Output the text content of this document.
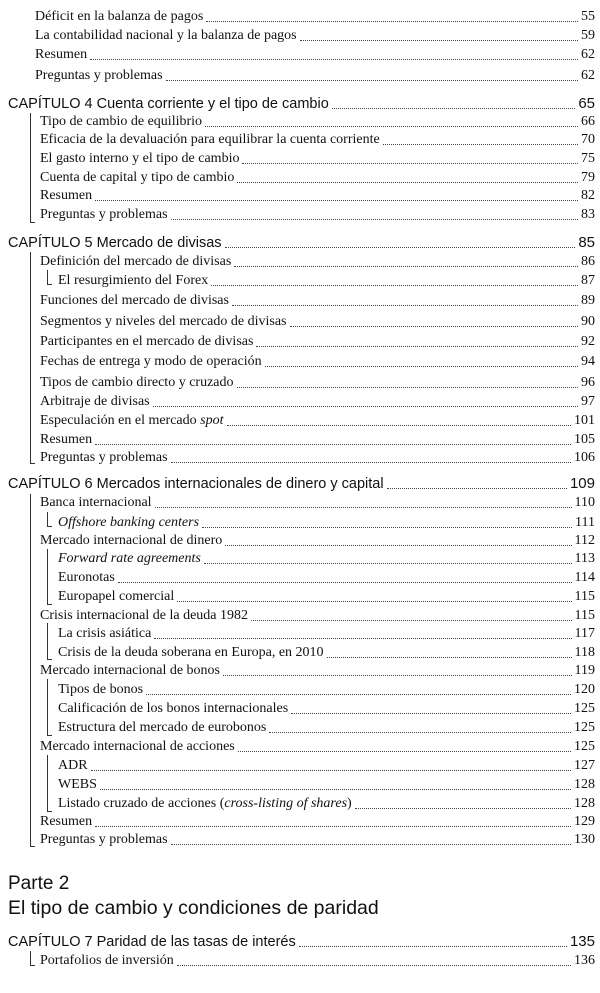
Déficit en la balanza de pagos	55
La contabilidad nacional y la balanza de pagos	59
Resumen	62
Preguntas y problemas	62
CAPÍTULO 4 Cuenta corriente y el tipo de cambio	65
Tipo de cambio de equilibrio	66
Eficacia de la devaluación para equilibrar la cuenta corriente	70
El gasto interno y el tipo de cambio	75
Cuenta de capital y tipo de cambio	79
Resumen	82
Preguntas y problemas	83
CAPÍTULO 5 Mercado de divisas	85
Definición del mercado de divisas	86
El resurgimiento del Forex	87
Funciones del mercado de divisas	89
Segmentos y niveles del mercado de divisas	90
Participantes en el mercado de divisas	92
Fechas de entrega y modo de operación	94
Tipos de cambio directo y cruzado	96
Arbitraje de divisas	97
Especulación en el mercado spot	101
Resumen	105
Preguntas y problemas	106
CAPÍTULO 6 Mercados internacionales de dinero y capital	109
Banca internacional	110
Offshore banking centers	111
Mercado internacional de dinero	112
Forward rate agreements	113
Euronotas	114
Europapel comercial	115
Crisis internacional de la deuda 1982	115
La crisis asiática	117
Crisis de la deuda soberana en Europa, en 2010	118
Mercado internacional de bonos	119
Tipos de bonos	120
Calificación de los bonos internacionales	125
Estructura del mercado de eurobonos	125
Mercado internacional de acciones	125
ADR	127
WEBS	128
Listado cruzado de acciones (cross-listing of shares)	128
Resumen	129
Preguntas y problemas	130
Parte 2
El tipo de cambio y condiciones de paridad
CAPÍTULO 7 Paridad de las tasas de interés	135
Portafolios de inversión	136
